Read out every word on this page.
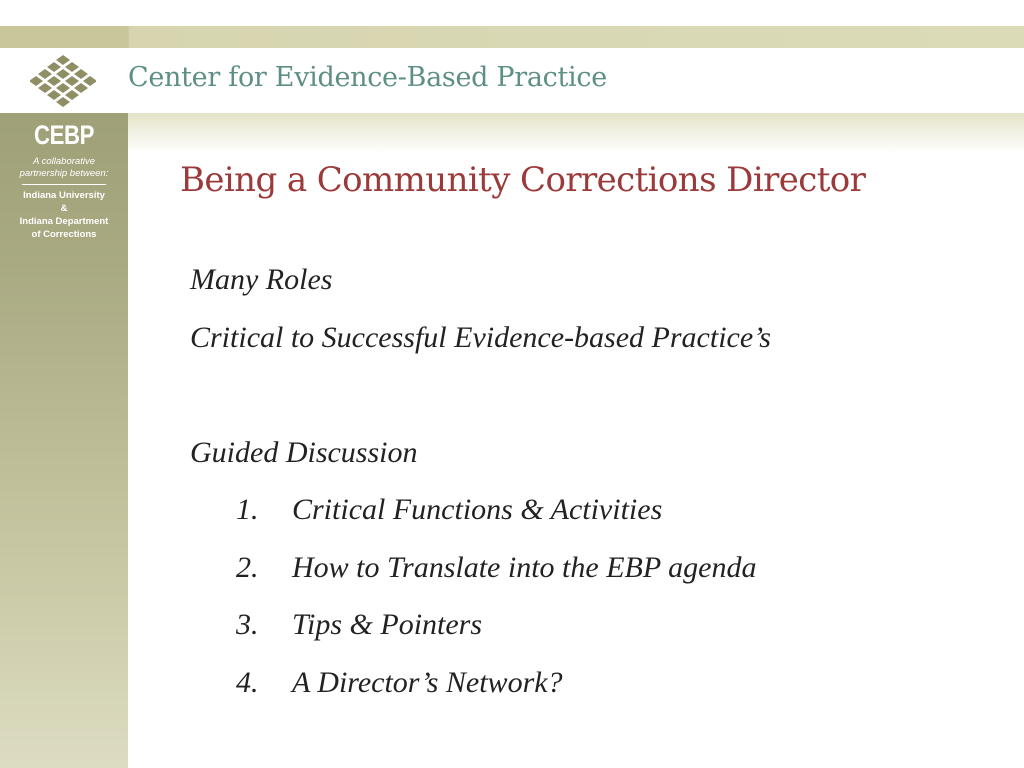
Center for Evidence-Based Practice
CEBP
A collaborative
partnership between:
Indiana University
&
Indiana Department
of Corrections
Being a Community Corrections Director
Many Roles
Critical to Successful Evidence-based Practice’s
Guided Discussion
1. Critical Functions & Activities
2. How to Translate into the EBP agenda
3. Tips & Pointers
4. A Director’s Network?
